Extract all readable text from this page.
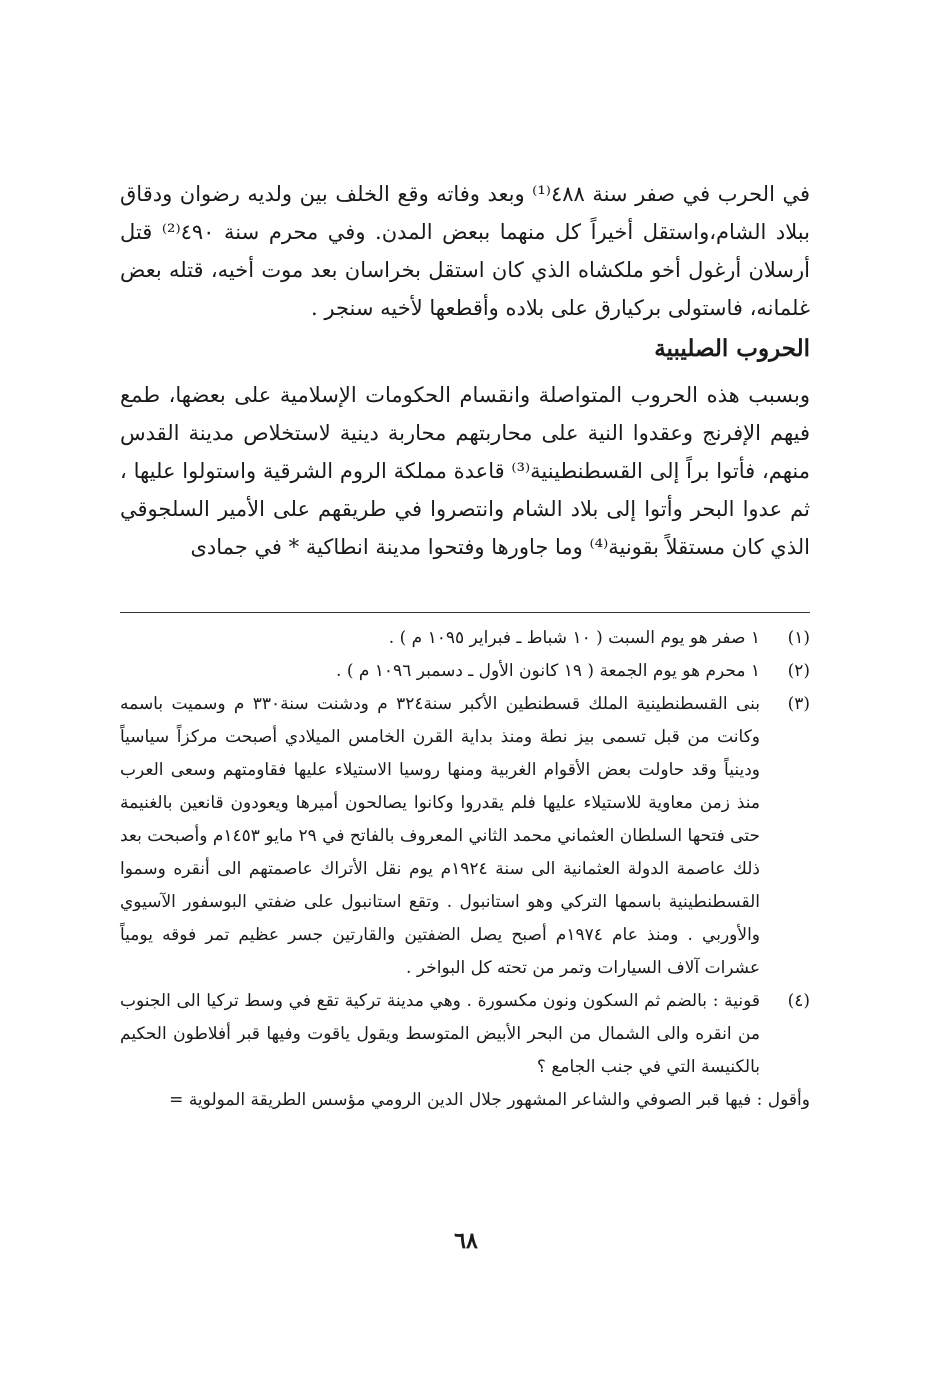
في الحرب في صفر سنة ٤٨٨⁽¹⁾ وبعد وفاته وقع الخلف بين ولديه رضوان ودقاق ببلاد الشام،واستقل أخيراً كل منهما ببعض المدن. وفي محرم سنة ٤٩٠⁽²⁾ قتل أرسلان أرغول أخو ملكشاه الذي كان استقل بخراسان بعد موت أخيه، قتله بعض غلمانه، فاستولى بركيارق على بلاده وأقطعها لأخيه سنجر .

الحروب الصليبية

وبسبب هذه الحروب المتواصلة وانقسام الحكومات الإسلامية على بعضها، طمع فيهم الإفرنج وعقدوا النية على محاربتهم محاربة دينية لاستخلاص مدينة القدس منهم، فأتوا براً إلى القسطنطينية⁽³⁾ قاعدة مملكة الروم الشرقية واستولوا عليها ، ثم عدوا البحر وأتوا إلى بلاد الشام وانتصروا في طريقهم على الأمير السلجوقي الذي كان مستقلاً بقونية⁽⁴⁾ وما جاورها وفتحوا مدينة انطاكية * في جمادى

(١)

١ صفر هو يوم السبت ( ١٠ شباط ـ فبراير ١٠٩٥ م ) .

(٢)

١ محرم هو يوم الجمعة ( ١٩ كانون الأول ـ دسمبر ١٠٩٦ م ) .

(٣)

بنى القسطنطينية الملك قسطنطين الأكبر سنة٣٢٤ م ودشنت سنة٣٣٠ م وسميت باسمه وكانت من قبل تسمى بيز نطة ومنذ بداية القرن الخامس الميلادي أصبحت مركزاً سياسياً ودينياً وقد حاولت بعض الأقوام الغربية ومنها روسيا الاستيلاء عليها فقاومتهم وسعى العرب منذ زمن معاوية للاستيلاء عليها فلم يقدروا وكانوا يصالحون أميرها ويعودون قانعين بالغنيمة حتى فتحها السلطان العثماني محمد الثاني المعروف بالفاتح في ٢٩ مايو ١٤٥٣م وأصبحت بعد ذلك عاصمة الدولة العثمانية الى سنة ١٩٢٤م يوم نقل الأتراك عاصمتهم الى أنقره وسموا القسطنطينية باسمها التركي وهو استانبول . وتقع استانبول على ضفتي البوسفور الآسيوي والأوربي . ومنذ عام ١٩٧٤م أصبح يصل الضفتين والقارتين جسر عظيم تمر فوقه يومياً عشرات آلاف السيارات وتمر من تحته كل البواخر .

(٤)

قونية : بالضم ثم السكون ونون مكسورة . وهي مدينة تركية تقع في وسط تركيا الى الجنوب من انقره والى الشمال من البحر الأبيض المتوسط ويقول ياقوت وفيها قبر أفلاطون الحكيم بالكنيسة التي في جنب الجامع ؟

وأقول : فيها قبر الصوفي والشاعر المشهور جلال الدين الرومي مؤسس الطريقة المولوية =

٦٨
